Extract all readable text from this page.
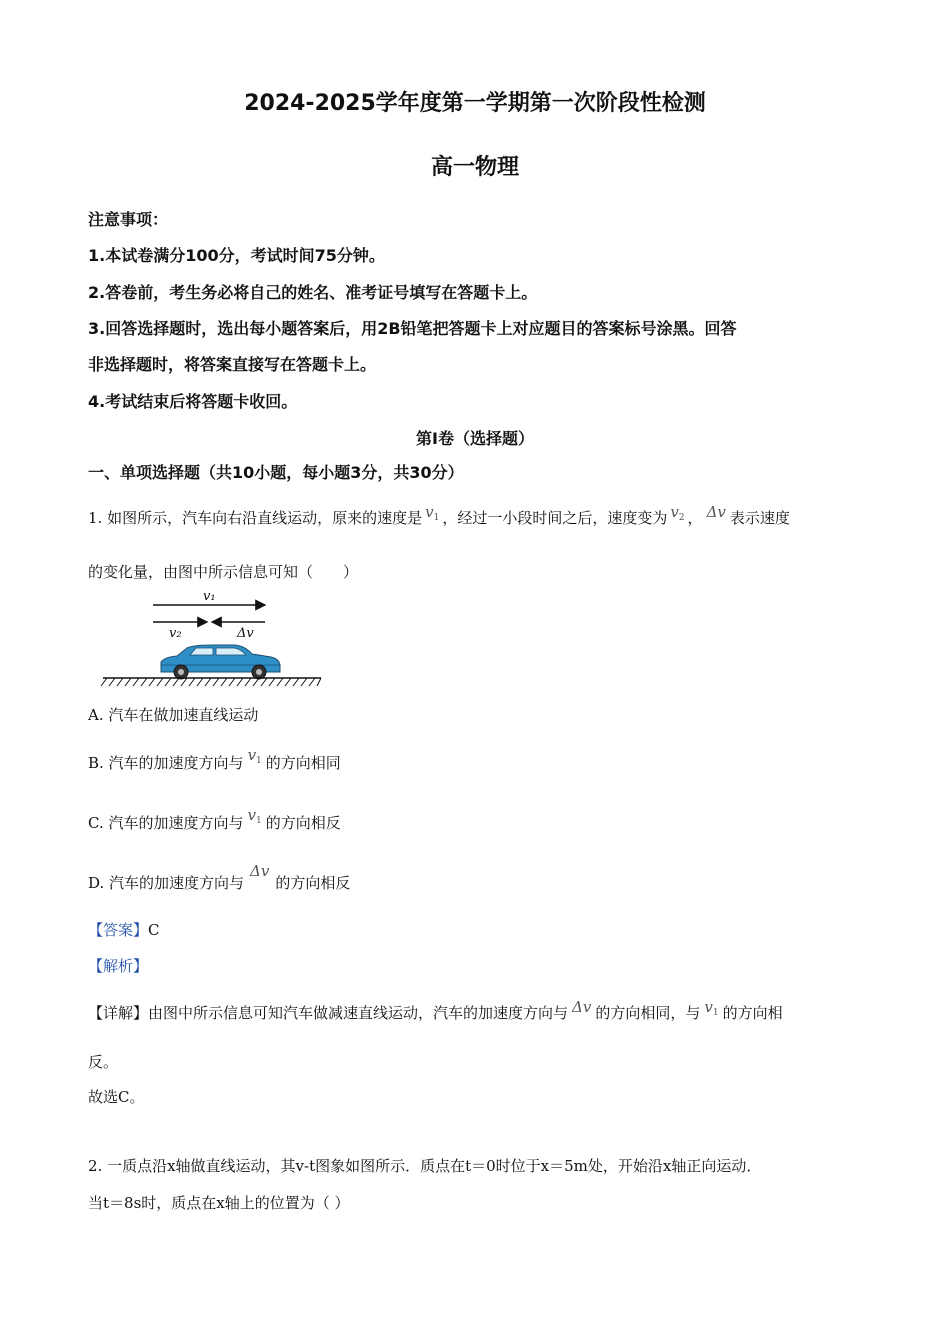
2024-2025学年度第一学期第一次阶段性检测
高一物理
注意事项：
1.本试卷满分100分，考试时间75分钟。
2.答卷前，考生务必将自己的姓名、准考证号填写在答题卡上。
3.回答选择题时，选出每小题答案后，用2B铅笔把答题卡上对应题目的答案标号涂黑。回答
非选择题时，将答案直接写在答题卡上。
4.考试结束后将答题卡收回。
第I卷（选择题）
一、单项选择题（共10小题，每小题3分，共30分）
1. 如图所示，汽车向右沿直线运动，原来的速度是 $v_1$ ，经过一小段时间之后，速度变为 $v_2$ ， Δv 表示速度
的变化量，由图中所示信息可知（　　）
v₁
v₂	Δv
A. 汽车在做加速直线运动
B. 汽车的加速度方向与 $v_1$ 的方向相同
C. 汽车的加速度方向与 $v_1$ 的方向相反
D. 汽车的加速度方向与Δv的方向相反
【答案】C
【解析】
【详解】由图中所示信息可知汽车做减速直线运动，汽车的加速度方向与 Δv 的方向相同，与 $v_1$ 的方向相
反。
故选C。
2. 一质点沿x轴做直线运动，其v-t图象如图所示．质点在t＝0时位于x＝5m处，开始沿x轴正向运动．
当t＝8s时，质点在x轴上的位置为（ ）
